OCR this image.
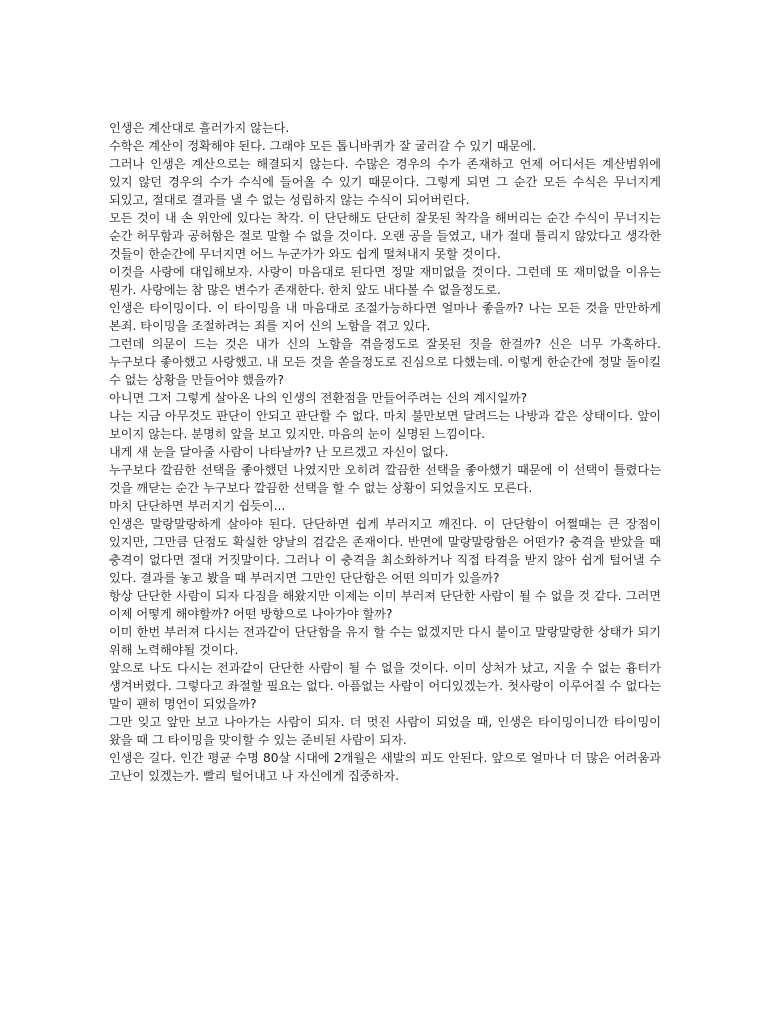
인생은 계산대로 흘러가지 않는다.

수학은 계산이 정확해야 된다. 그래야 모든 톱니바퀴가 잘 굴러갈 수 있기 때문에.

그러나 인생은 계산으로는 해결되지 않는다. 수많은 경우의 수가 존재하고 언제 어디서든 계산범위에 있지 않던 경우의 수가 수식에 들어올 수 있기 때문이다. 그렇게 되면 그 순간 모든 수식은 무너지게 되있고, 절대로 결과를 낼 수 없는 성립하지 않는 수식이 되어버린다.

모든 것이 내 손 위안에 있다는 착각. 이 단단해도 단단히 잘못된 착각을 해버리는 순간 수식이 무너지는 순간 허무함과 공허함은 절로 말할 수 없을 것이다. 오랜 공을 들였고, 내가 절대 틀리지 않았다고 생각한 것들이 한순간에 무너지면 어느 누군가가 와도 쉽게 떨쳐내지 못할 것이다.

이것을 사랑에 대입해보자. 사랑이 마음대로 된다면 정말 재미없을 것이다. 그런데 또 재미없을 이유는 뭔가. 사랑에는 참 많은 변수가 존재한다. 한치 앞도 내다볼 수 없을정도로.

인생은 타이밍이다. 이 타이밍을 내 마음대로 조절가능하다면 얼마나 좋을까? 나는 모든 것을 만만하게 본죄. 타이밍을 조절하려는 죄를 지어 신의 노함을 겪고 있다.

그런데 의문이 드는 것은 내가 신의 노함을 겪을정도로 잘못된 짓을 한걸까? 신은 너무 가혹하다. 누구보다 좋아했고 사랑했고. 내 모든 것을 쏟을정도로 진심으로 다했는데. 이렇게 한순간에 정말 돌이킬 수 없는 상황을 만들어야 했을까?

아니면 그저 그렇게 살아온 나의 인생의 전환점을 만들어주려는 신의 계시일까?

나는 지금 아무것도 판단이 안되고 판단할 수 없다. 마치 불만보면 달려드는 나방과 같은 상태이다. 앞이 보이지 않는다. 분명히 앞을 보고 있지만. 마음의 눈이 실명된 느낌이다.

내게 새 눈을 달아줄 사람이 나타날까? 난 모르겠고 자신이 없다.

누구보다 깔끔한 선택을 좋아했던 나였지만 오히려 깔끔한 선택을 좋아했기 때문에 이 선택이 틀렸다는 것을 깨닫는 순간 누구보다 깔끔한 선택을 할 수 없는 상황이 되었을지도 모른다.

마치 단단하면 부러지기 쉽듯이...

인생은 말랑말랑하게 살아야 된다. 단단하면 쉽게 부러지고 깨진다. 이 단단함이 어쩔때는 큰 장점이 있지만, 그만큼 단점도 확실한 양날의 검같은 존재이다. 반면에 말랑말랑함은 어떤가? 충격을 받았을 때 충격이 없다면 절대 거짓말이다. 그러나 이 충격을 최소화하거나 직접 타격을 받지 않아 쉽게 털어낼 수 있다. 결과를 놓고 봤을 때 부러지면 그만인 단단함은 어떤 의미가 있을까?

항상 단단한 사람이 되자 다짐을 해왔지만 이제는 이미 부러져 단단한 사람이 될 수 없을 것 같다. 그러면 이제 어떻게 해야할까? 어떤 방향으로 나아가야 할까?

이미 한번 부러져 다시는 전과같이 단단함을 유지 할 수는 없겠지만 다시 붙이고 말랑말랑한 상태가 되기 위해 노력해야될 것이다.

앞으로 나도 다시는 전과같이 단단한 사람이 될 수 없을 것이다. 이미 상처가 났고, 지울 수 없는 흉터가 생겨버렸다. 그렇다고 좌절할 필요는 없다. 아픔없는 사람이 어디있겠는가. 첫사랑이 이루어질 수 없다는 말이 괜히 명언이 되었을까?

그만 잊고 앞만 보고 나아가는 사람이 되자. 더 멋진 사람이 되었을 때, 인생은 타이밍이니깐 타이밍이 왔을 때 그 타이밍을 맞이할 수 있는 준비된 사람이 되자.

인생은 길다. 인간 평균 수명 80살 시대에 2개월은 새발의 피도 안된다. 앞으로 얼마나 더 많은 어려움과 고난이 있겠는가. 빨리 털어내고 나 자신에게 집중하자.
